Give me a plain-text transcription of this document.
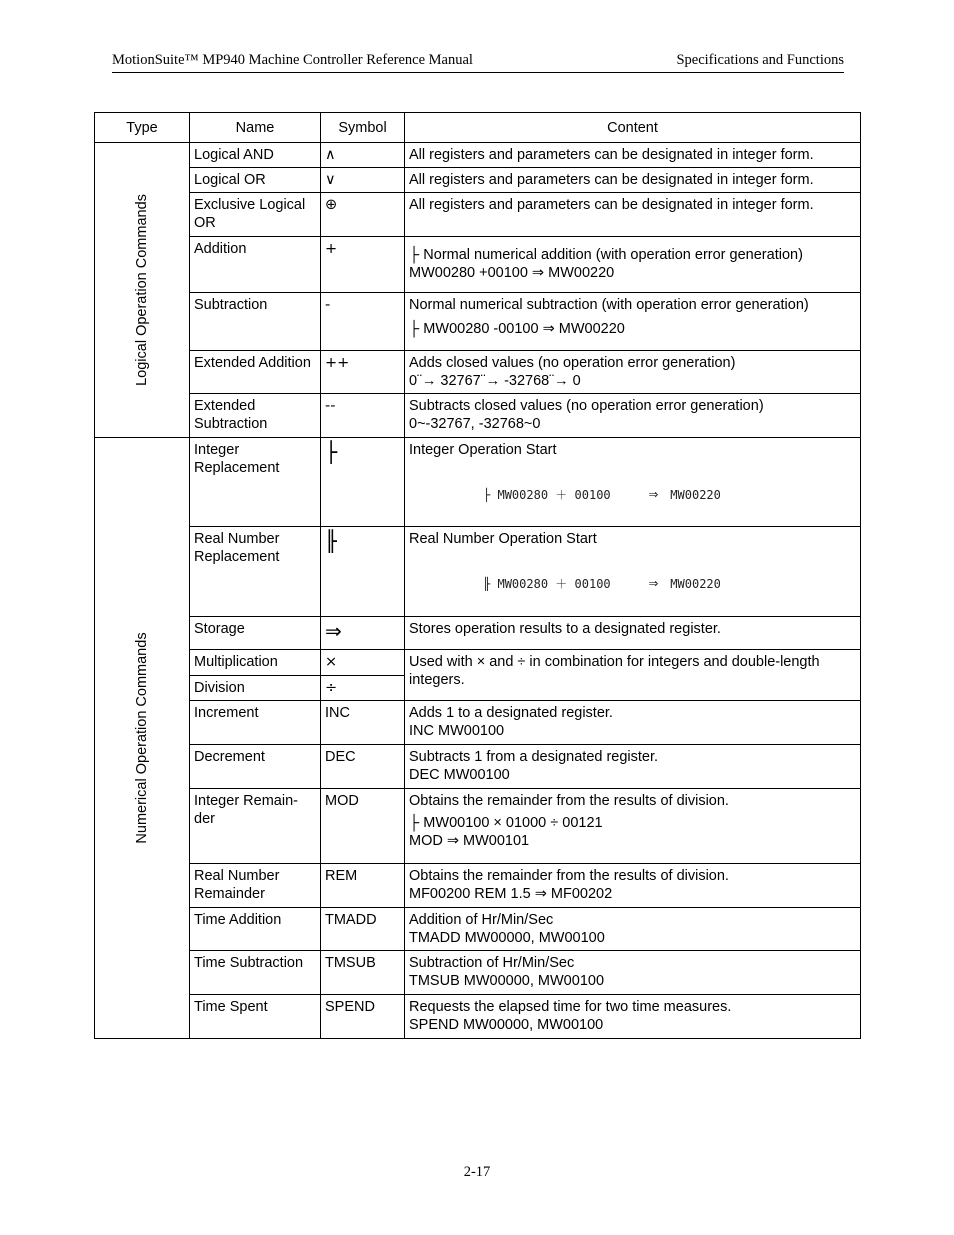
MotionSuite™ MP940 Machine Controller Reference Manual	Specifications and Functions
Type	Name	Symbol	Content

Logical Operation Commands	Logical AND	∧	All registers and parameters can be designated in integer form.

	Logical OR	∨	All registers and parameters can be designated in integer form.

	Exclusive Logical OR	⊕	All registers and parameters can be designated in integer form.

	Addition	+	├ Normal numerical addition (with operation error generation)
MW00280 +00100 ⇒ MW00220

	Subtraction	-	Normal numerical subtraction (with operation error generation)
├ MW00280 -00100 ⇒ MW00220

	Extended Addition	++	Adds closed values (no operation error generation)
0¨→ 32767¨→ -32768¨→ 0

	Extended Subtraction	--	Subtracts closed values (no operation error generation)
0~-32767, -32768~0

Numerical Operation Commands	Integer Replacement	├	Integer Operation Start
├ MW00280 ＋ 00100 ⇒ MW00220

	Real Number Replacement	╟	Real Number Operation Start
╟ MW00280 ＋ 00100 ⇒ MW00220

	Storage	⇒	Stores operation results to a designated register.

	Multiplication	×	Used with × and ÷ in combination for integers and double-length integers.

	Division	÷	
	Increment	INC	Adds 1 to a designated register.
INC MW00100

	Decrement	DEC	Subtracts 1 from a designated register.
DEC MW00100

	Integer Remain-der	MOD	Obtains the remainder from the results of division.
├ MW00100 × 01000 ÷ 00121
MOD ⇒ MW00101

	Real Number Remainder	REM	Obtains the remainder from the results of division.
MF00200 REM 1.5 ⇒ MF00202

	Time Addition	TMADD	Addition of Hr/Min/Sec
TMADD MW00000, MW00100

	Time Subtraction	TMSUB	Subtraction of Hr/Min/Sec
TMSUB MW00000, MW00100

	Time Spent	SPEND	Requests the elapsed time for two time measures.
SPEND MW00000, MW00100
2-17
